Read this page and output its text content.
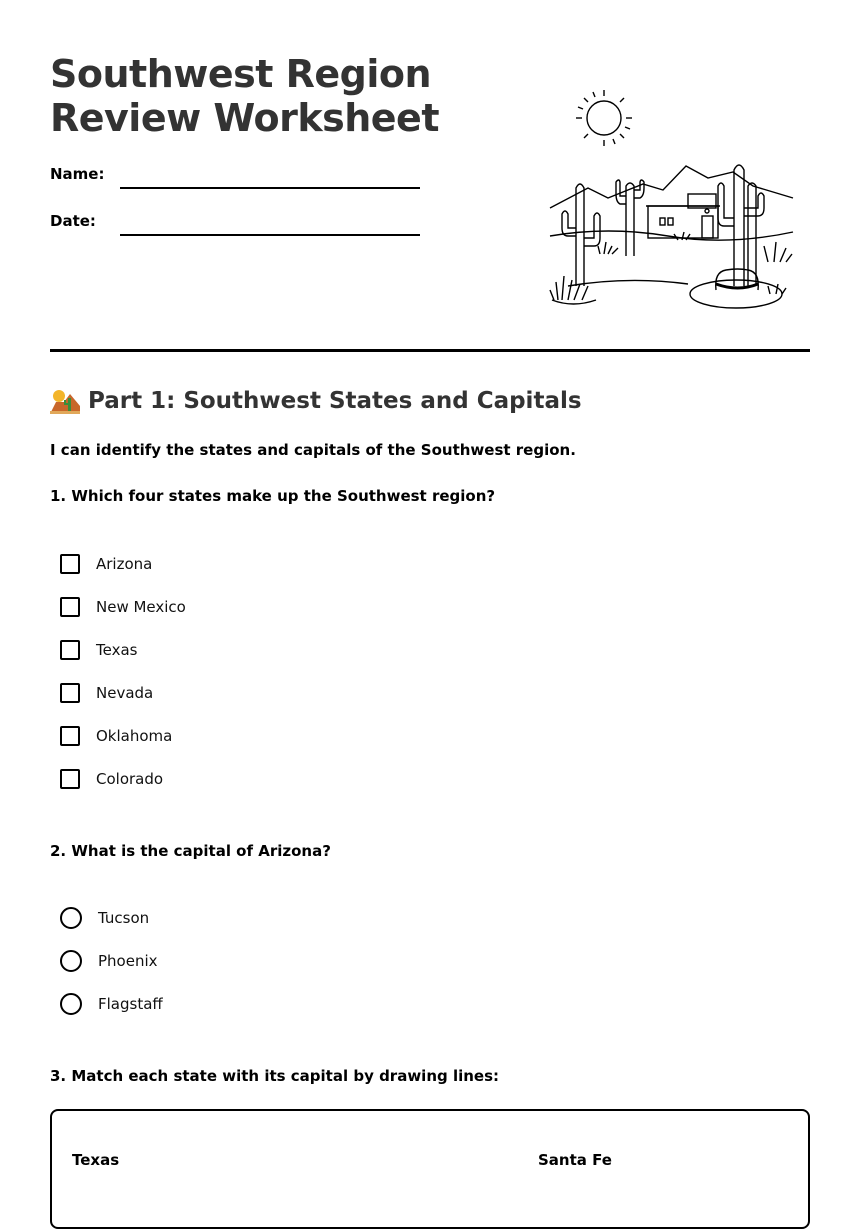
Southwest Region
Review Worksheet
Name:
Date:
Part 1: Southwest States and Capitals
I can identify the states and capitals of the Southwest region.
1. Which four states make up the Southwest region?
Arizona
New Mexico
Texas
Nevada
Oklahoma
Colorado
2. What is the capital of Arizona?
Tucson
Phoenix
Flagstaff
3. Match each state with its capital by drawing lines:
Texas	Santa Fe
